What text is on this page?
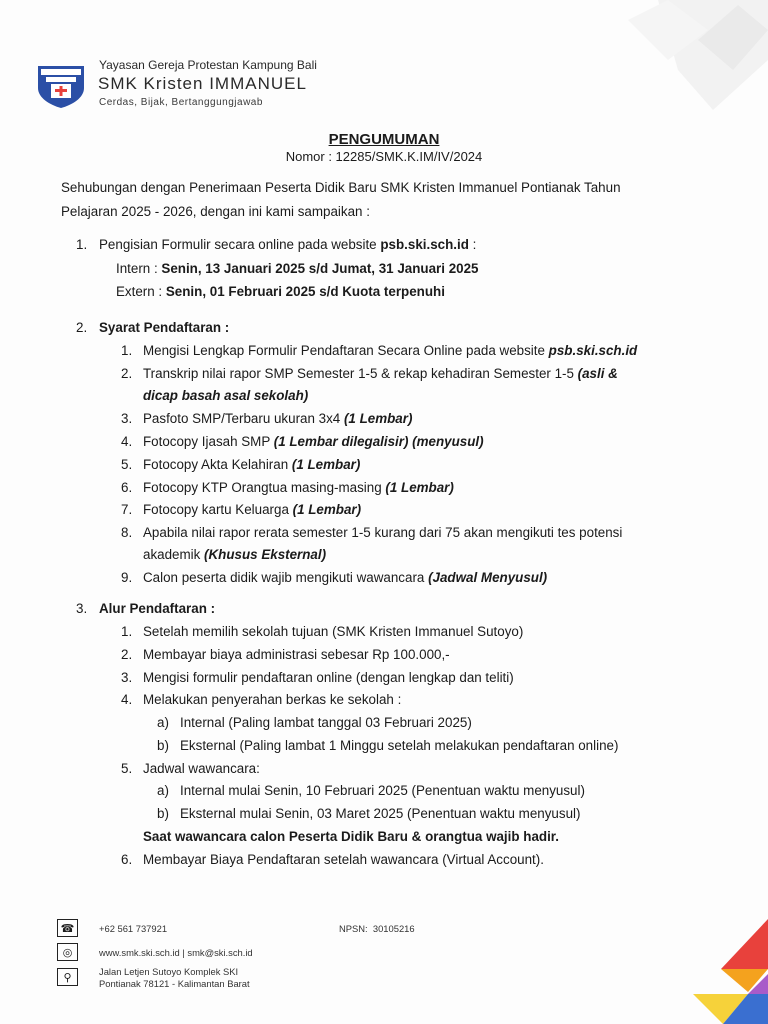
Yayasan Gereja Protestan Kampung Bali
SMK Kristen IMMANUEL
Cerdas, Bijak, Bertanggungjawab
PENGUMUMAN
Nomor : 12285/SMK.K.IM/IV/2024
Sehubungan dengan Penerimaan Peserta Didik Baru SMK Kristen Immanuel Pontianak Tahun
Pelajaran 2025 - 2026, dengan ini kami sampaikan :
1. Pengisian Formulir secara online pada website psb.ski.sch.id :
Intern : Senin, 13 Januari 2025 s/d Jumat, 31 Januari 2025
Extern : Senin, 01 Februari 2025 s/d Kuota terpenuhi
2. Syarat Pendaftaran :
1. Mengisi Lengkap Formulir Pendaftaran Secara Online pada website psb.ski.sch.id
2. Transkrip nilai rapor SMP Semester 1-5 & rekap kehadiran Semester 1-5 (asli &
dicap basah asal sekolah)
3. Pasfoto SMP/Terbaru ukuran 3x4 (1 Lembar)
4. Fotocopy Ijasah SMP (1 Lembar dilegalisir) (menyusul)
5. Fotocopy Akta Kelahiran (1 Lembar)
6. Fotocopy KTP Orangtua masing-masing (1 Lembar)
7. Fotocopy kartu Keluarga (1 Lembar)
8. Apabila nilai rapor rerata semester 1-5 kurang dari 75 akan mengikuti tes potensi
akademik (Khusus Eksternal)
9. Calon peserta didik wajib mengikuti wawancara (Jadwal Menyusul)
3. Alur Pendaftaran :
1. Setelah memilih sekolah tujuan (SMK Kristen Immanuel Sutoyo)
2. Membayar biaya administrasi sebesar Rp 100.000,-
3. Mengisi formulir pendaftaran online (dengan lengkap dan teliti)
4. Melakukan penyerahan berkas ke sekolah :
a) Internal (Paling lambat tanggal 03 Februari 2025)
b) Eksternal (Paling lambat 1 Minggu setelah melakukan pendaftaran online)
5. Jadwal wawancara:
a) Internal mulai Senin, 10 Februari 2025 (Penentuan waktu menyusul)
b) Eksternal mulai Senin, 03 Maret 2025 (Penentuan waktu menyusul)
Saat wawancara calon Peserta Didik Baru & orangtua wajib hadir.
6. Membayar Biaya Pendaftaran setelah wawancara (Virtual Account).
☎	+62 561 737921	NPSN: 30105216
◎	www.smk.ski.sch.id | smk@ski.sch.id
⚲	Jalan Letjen Sutoyo Komplek SKI
Pontianak 78121 - Kalimantan Barat
